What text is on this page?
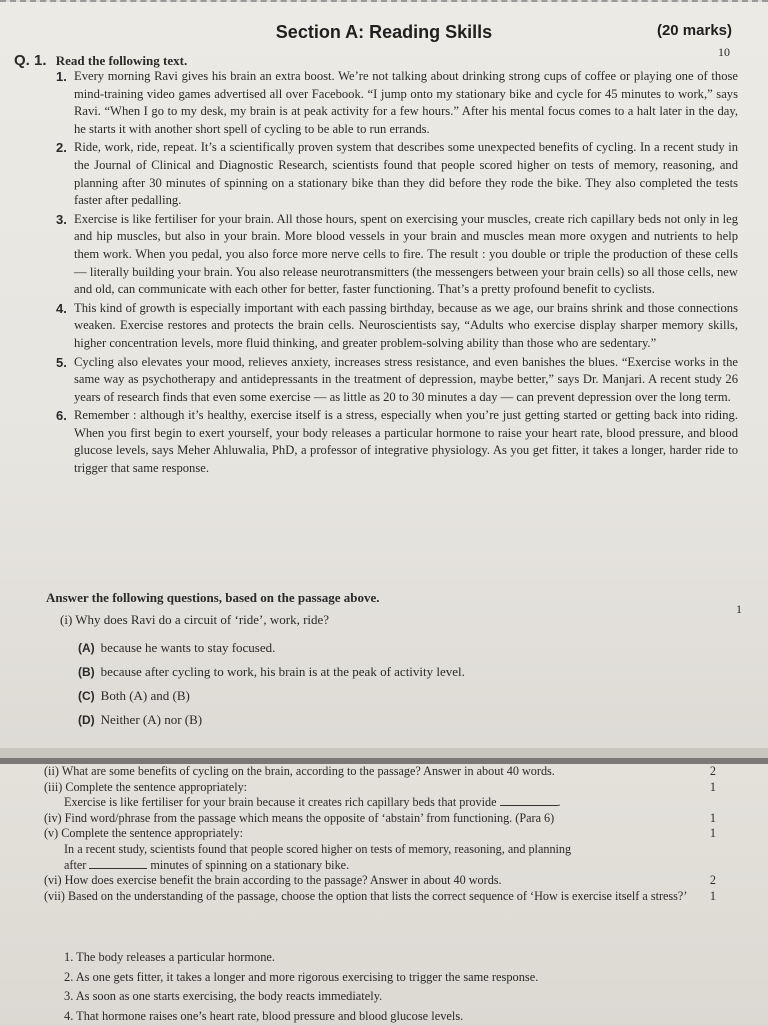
Section A: Reading Skills	(20 marks)
Q. 1. Read the following text.
10
1. Every morning Ravi gives his brain an extra boost. We’re not talking about drinking strong cups of coffee or playing one of those mind-training video games advertised all over Facebook. “I jump onto my stationary bike and cycle for 45 minutes to work,” says Ravi. “When I go to my desk, my brain is at peak activity for a few hours.” After his mental focus comes to a halt later in the day, he starts it with another short spell of cycling to be able to run errands.
2. Ride, work, ride, repeat. It’s a scientifically proven system that describes some unexpected benefits of cycling. In a recent study in the Journal of Clinical and Diagnostic Research, scientists found that people scored higher on tests of memory, reasoning, and planning after 30 minutes of spinning on a stationary bike than they did before they rode the bike. They also completed the tests faster after pedalling.
3. Exercise is like fertiliser for your brain. All those hours, spent on exercising your muscles, create rich capillary beds not only in leg and hip muscles, but also in your brain. More blood vessels in your brain and muscles mean more oxygen and nutrients to help them work. When you pedal, you also force more nerve cells to fire. The result : you double or triple the production of these cells — literally building your brain. You also release neurotransmitters (the messengers between your brain cells) so all those cells, new and old, can communicate with each other for better, faster functioning. That’s a pretty profound benefit to cyclists.
4. This kind of growth is especially important with each passing birthday, because as we age, our brains shrink and those connections weaken. Exercise restores and protects the brain cells. Neuroscientists say, “Adults who exercise display sharper memory skills, higher concentration levels, more fluid thinking, and greater problem-solving ability than those who are sedentary.”
5. Cycling also elevates your mood, relieves anxiety, increases stress resistance, and even banishes the blues. “Exercise works in the same way as psychotherapy and antidepressants in the treatment of depression, maybe better,” says Dr. Manjari. A recent study 26 years of research finds that even some exercise — as little as 20 to 30 minutes a day — can prevent depression over the long term.
6. Remember : although it’s healthy, exercise itself is a stress, especially when you’re just getting started or getting back into riding. When you first begin to exert yourself, your body releases a particular hormone to raise your heart rate, blood pressure, and blood glucose levels, says Meher Ahluwalia, PhD, a professor of integrative physiology. As you get fitter, it takes a longer, harder ride to trigger that same response.
Answer the following questions, based on the passage above.
1
(i) Why does Ravi do a circuit of ‘ride’, work, ride?
(A) because he wants to stay focused.
(B) because after cycling to work, his brain is at the peak of activity level.
(C) Both (A) and (B)
(D) Neither (A) nor (B)
(ii) What are some benefits of cycling on the brain, according to the passage? Answer in about 40 words.	2
(iii) Complete the sentence appropriately:	1
Exercise is like fertiliser for your brain because it creates rich capillary beds that provide	.
(iv) Find word/phrase from the passage which means the opposite of ‘abstain’ from functioning. (Para 6)	1
(v) Complete the sentence appropriately:	1
In a recent study, scientists found that people scored higher on tests of memory, reasoning, and planning
after	minutes of spinning on a stationary bike.
(vi) How does exercise benefit the brain according to the passage? Answer in about 40 words.	2
(vii) Based on the understanding of the passage, choose the option that lists the correct sequence of ‘How is exercise itself a stress?’ 1
1. The body releases a particular hormone.
2. As one gets fitter, it takes a longer and more rigorous exercising to trigger the same response.
3. As soon as one starts exercising, the body reacts immediately.
4. That hormone raises one’s heart rate, blood pressure and blood glucose levels.
